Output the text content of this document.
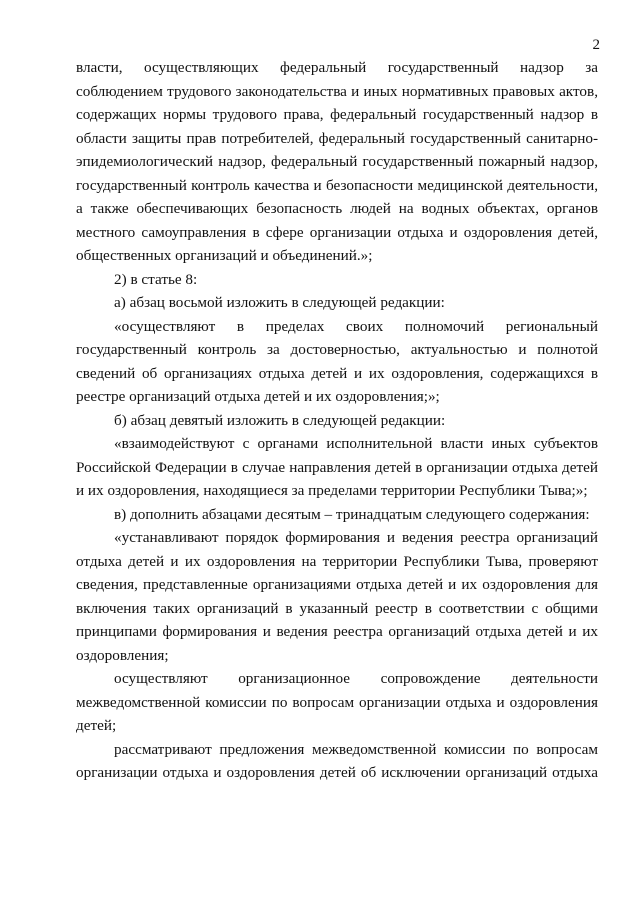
2

власти, осуществляющих федеральный государственный надзор за соблюдением трудового законодательства и иных нормативных правовых актов, содержащих нормы трудового права, федеральный государственный надзор в области защиты прав потребителей, федеральный государственный санитарно-эпидемиологический надзор, федеральный государственный пожарный надзор, государственный контроль качества и безопасности медицинской деятельности, а также обеспечивающих безопасность людей на водных объектах, органов местного самоуправления в сфере организации отдыха и оздоровления детей, общественных организаций и объединений.»;

2) в статье 8:

а) абзац восьмой изложить в следующей редакции:

«осуществляют в пределах своих полномочий региональный государственный контроль за достоверностью, актуальностью и полнотой сведений об организациях отдыха детей и их оздоровления, содержащихся в реестре организаций отдыха детей и их оздоровления;»;

б) абзац девятый изложить в следующей редакции:

«взаимодействуют с органами исполнительной власти иных субъектов Российской Федерации в случае направления детей в организации отдыха детей и их оздоровления, находящиеся за пределами территории Республики Тыва;»;

в) дополнить абзацами десятым – тринадцатым следующего содержания:

«устанавливают порядок формирования и ведения реестра организаций отдыха детей и их оздоровления на территории Республики Тыва, проверяют сведения, представленные организациями отдыха детей и их оздоровления для включения таких организаций в указанный реестр в соответствии с общими принципами формирования и ведения реестра организаций отдыха детей и их оздоровления;

осуществляют организационное сопровождение деятельности межведомственной комиссии по вопросам организации отдыха и оздоровления детей;

рассматривают предложения межведомственной комиссии по вопросам организации отдыха и оздоровления детей об исключении организаций отдыха
